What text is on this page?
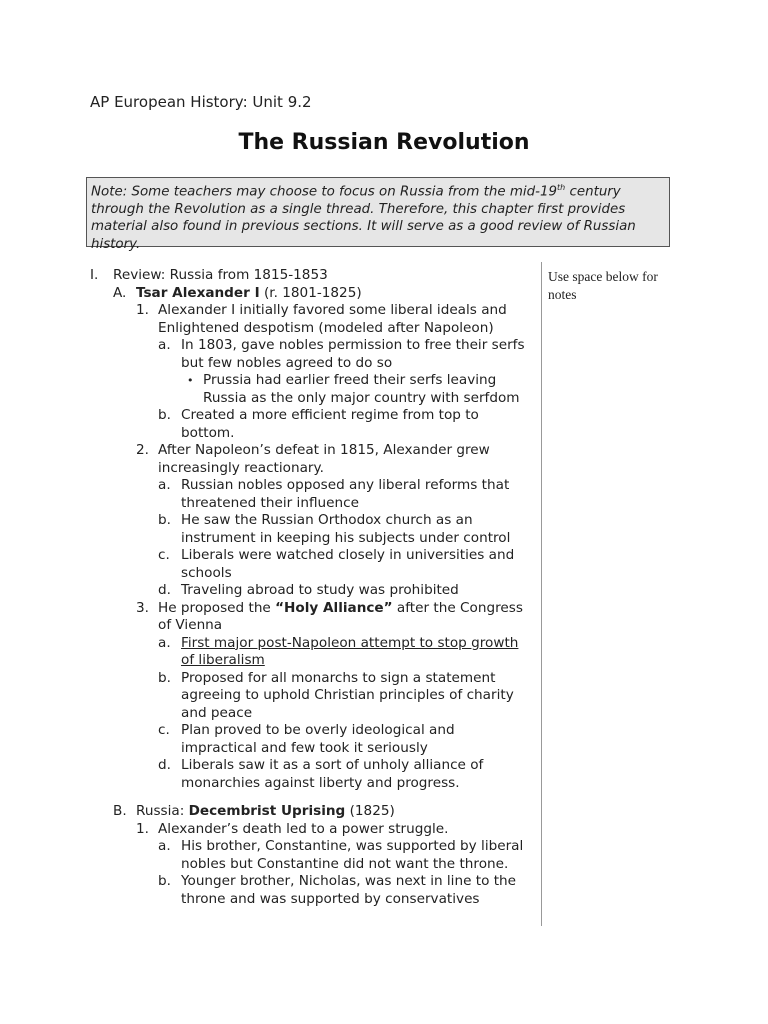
AP European History: Unit 9.2
The Russian Revolution
Note: Some teachers may choose to focus on Russia from the mid-19th century through the Revolution as a single thread. Therefore, this chapter first provides material also found in previous sections. It will serve as a good review of Russian history.
Use space below for notes
I. Review: Russia from 1815-1853
A. Tsar Alexander I (r. 1801-1825)
1. Alexander I initially favored some liberal ideals and
Enlightened despotism (modeled after Napoleon)
a. In 1803, gave nobles permission to free their serfs
but few nobles agreed to do so
• Prussia had earlier freed their serfs leaving
Russia as the only major country with serfdom
b. Created a more efficient regime from top to
bottom.
2. After Napoleon’s defeat in 1815, Alexander grew
increasingly reactionary.
a. Russian nobles opposed any liberal reforms that
threatened their influence
b. He saw the Russian Orthodox church as an
instrument in keeping his subjects under control
c. Liberals were watched closely in universities and
schools
d. Traveling abroad to study was prohibited
3. He proposed the “Holy Alliance” after the Congress
of Vienna
a. First major post-Napoleon attempt to stop growth
of liberalism
b. Proposed for all monarchs to sign a statement
agreeing to uphold Christian principles of charity
and peace
c. Plan proved to be overly ideological and
impractical and few took it seriously
d. Liberals saw it as a sort of unholy alliance of
monarchies against liberty and progress.
B. Russia: Decembrist Uprising (1825)
1. Alexander’s death led to a power struggle.
a. His brother, Constantine, was supported by liberal
nobles but Constantine did not want the throne.
b. Younger brother, Nicholas, was next in line to the
throne and was supported by conservatives
